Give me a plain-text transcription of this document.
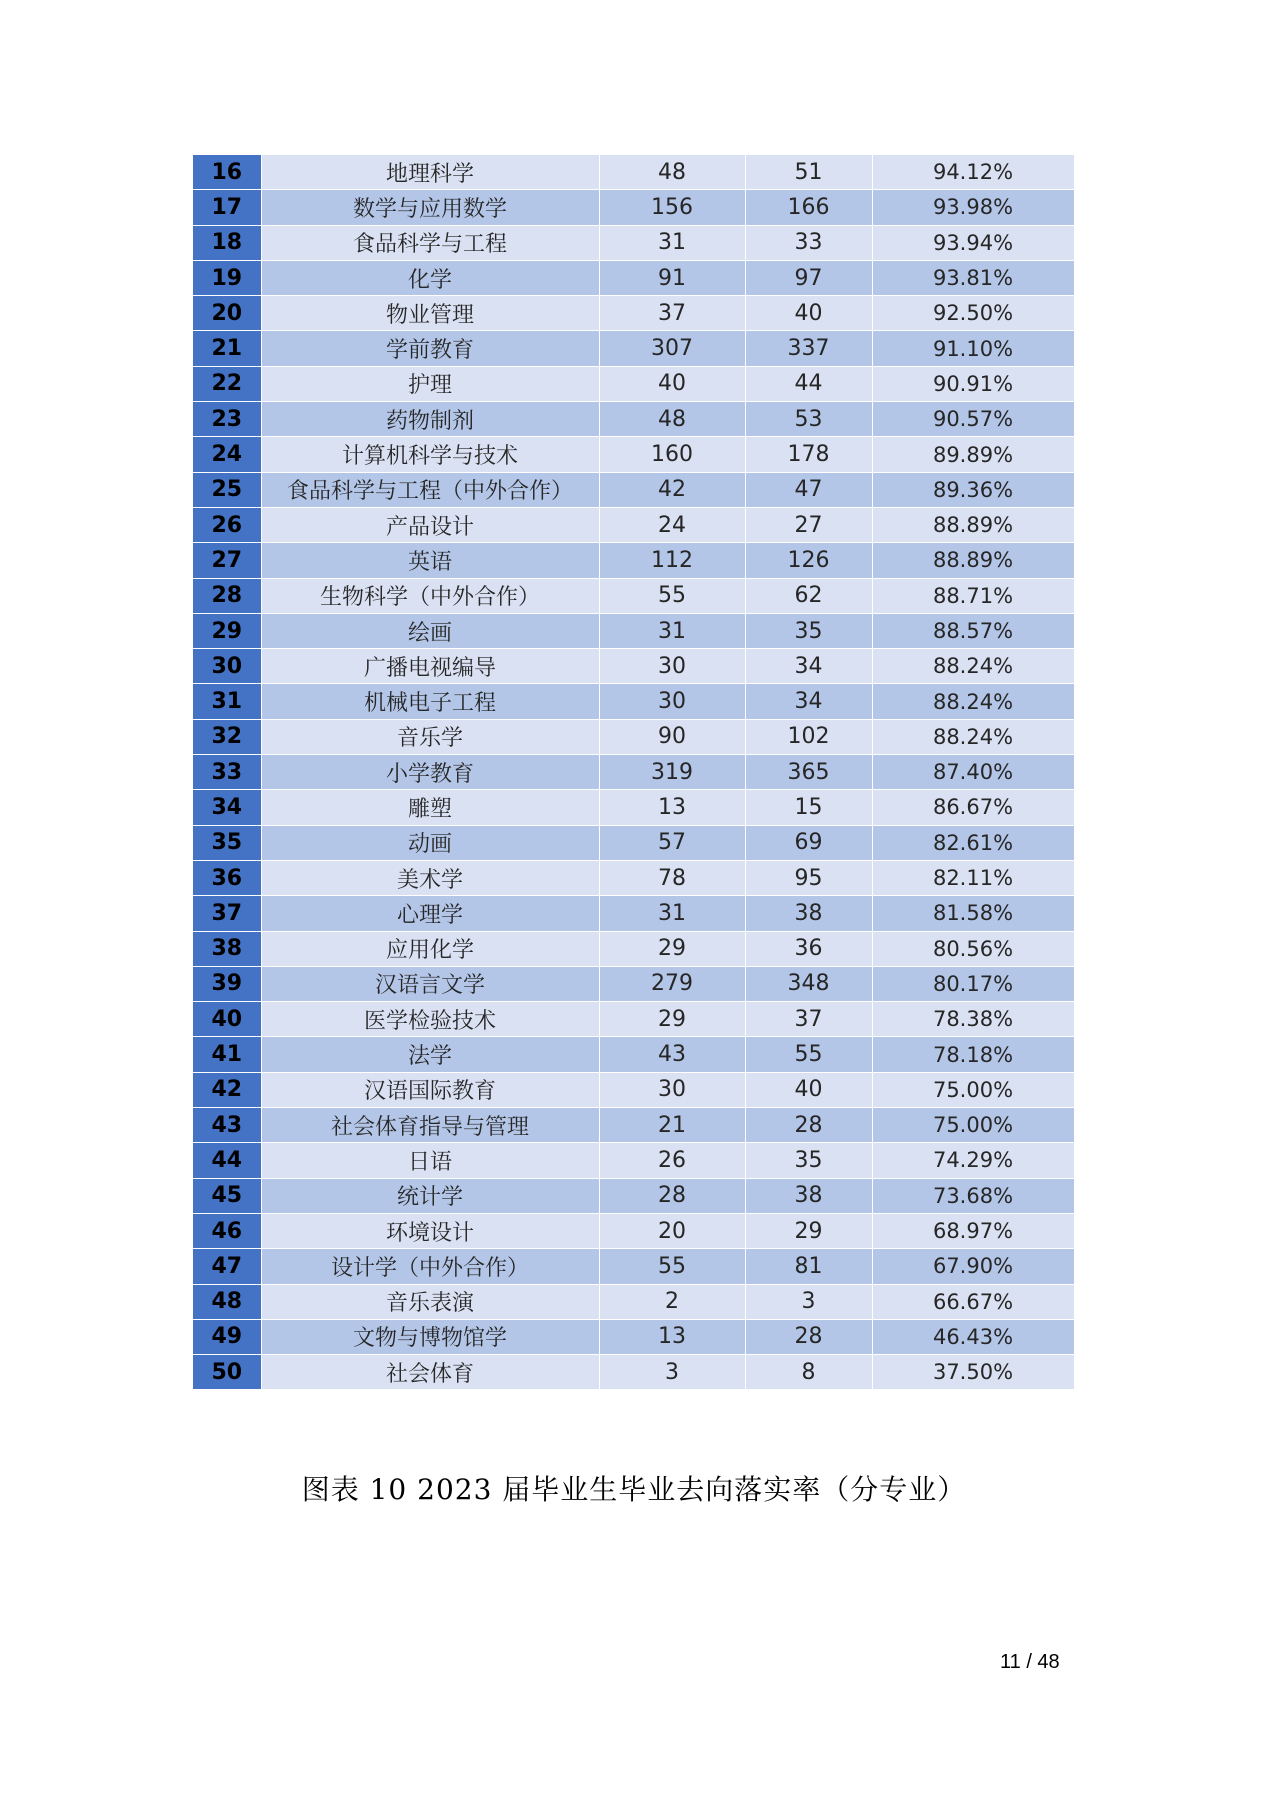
16	地理科学	48	51	94.12%
17	数学与应用数学	156	166	93.98%
18	食品科学与工程	31	33	93.94%
19	化学	91	97	93.81%
20	物业管理	37	40	92.50%
21	学前教育	307	337	91.10%
22	护理	40	44	90.91%
23	药物制剂	48	53	90.57%
24	计算机科学与技术	160	178	89.89%
25	食品科学与工程（中外合作）	42	47	89.36%
26	产品设计	24	27	88.89%
27	英语	112	126	88.89%
28	生物科学（中外合作）	55	62	88.71%
29	绘画	31	35	88.57%
30	广播电视编导	30	34	88.24%
31	机械电子工程	30	34	88.24%
32	音乐学	90	102	88.24%
33	小学教育	319	365	87.40%
34	雕塑	13	15	86.67%
35	动画	57	69	82.61%
36	美术学	78	95	82.11%
37	心理学	31	38	81.58%
38	应用化学	29	36	80.56%
39	汉语言文学	279	348	80.17%
40	医学检验技术	29	37	78.38%
41	法学	43	55	78.18%
42	汉语国际教育	30	40	75.00%
43	社会体育指导与管理	21	28	75.00%
44	日语	26	35	74.29%
45	统计学	28	38	73.68%
46	环境设计	20	29	68.97%
47	设计学（中外合作）	55	81	67.90%
48	音乐表演	2	3	66.67%
49	文物与博物馆学	13	28	46.43%
50	社会体育	3	8	37.50%
图表 10 2023 届毕业生毕业去向落实率（分专业）
11 / 48
